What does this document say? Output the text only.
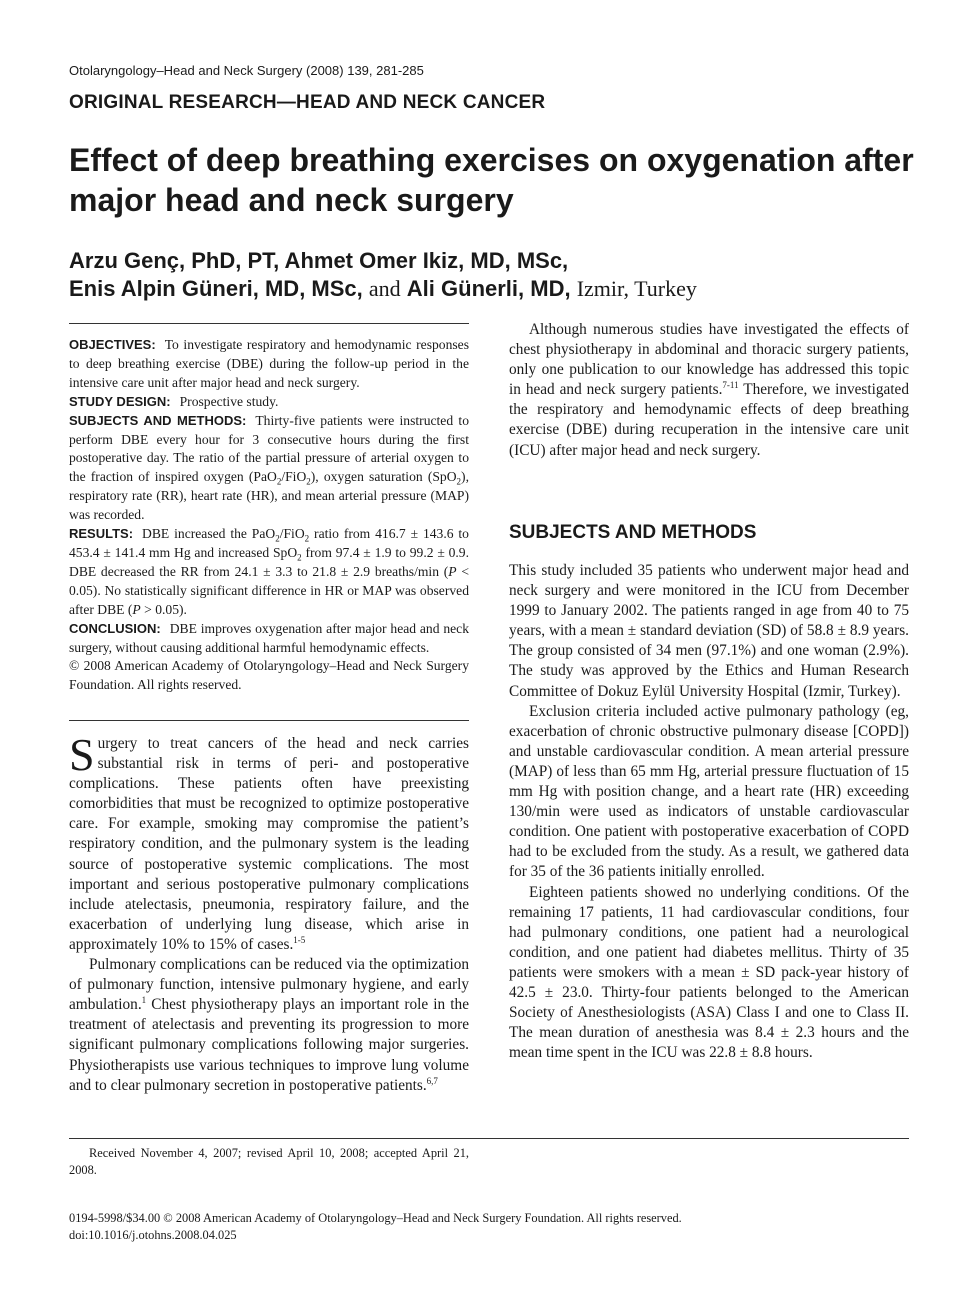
Otolaryngology–Head and Neck Surgery (2008) 139, 281-285
ORIGINAL RESEARCH—HEAD AND NECK CANCER
Effect of deep breathing exercises on oxygenation after major head and neck surgery
Arzu Genç, PhD, PT, Ahmet Omer Ikiz, MD, MSc,
Enis Alpin Güneri, MD, MSc, and Ali Günerli, MD, Izmir, Turkey

OBJECTIVES: To investigate respiratory and hemodynamic responses to deep breathing exercise (DBE) during the follow-up period in the intensive care unit after major head and neck surgery.

STUDY DESIGN: Prospective study.

SUBJECTS AND METHODS: Thirty-five patients were instructed to perform DBE every hour for 3 consecutive hours during the first postoperative day. The ratio of the partial pressure of arterial oxygen to the fraction of inspired oxygen (PaO$_2$/FiO$_2$), oxygen saturation (SpO$_2$), respiratory rate (RR), heart rate (HR), and mean arterial pressure (MAP) was recorded.

RESULTS: DBE increased the PaO$_2$/FiO$_2$ ratio from 416.7 ± 143.6 to 453.4 ± 141.4 mm Hg and increased SpO$_2$ from 97.4 ± 1.9 to 99.2 ± 0.9. DBE decreased the RR from 24.1 ± 3.3 to 21.8 ± 2.9 breaths/min (P < 0.05). No statistically significant difference in HR or MAP was observed after DBE (P > 0.05).

CONCLUSION: DBE improves oxygenation after major head and neck surgery, without causing additional harmful hemodynamic effects.

© 2008 American Academy of Otolaryngology–Head and Neck Surgery Foundation. All rights reserved.

Surgery to treat cancers of the head and neck carries substantial risk in terms of peri- and postoperative complications. These patients often have preexisting comorbidities that must be recognized to optimize postoperative care. For example, smoking may compromise the patient’s respiratory condition, and the pulmonary system is the leading source of postoperative systemic complications. The most important and serious postoperative pulmonary complications include atelectasis, pneumonia, respiratory failure, and the exacerbation of underlying lung disease, which arise in approximately 10% to 15% of cases.$^{1-5}$

Pulmonary complications can be reduced via the optimization of pulmonary function, intensive pulmonary hygiene, and early ambulation.$^1$ Chest physiotherapy plays an important role in the treatment of atelectasis and preventing its progression to more significant pulmonary complications following major surgeries. Physiotherapists use various techniques to improve lung volume and to clear pulmonary secretion in postoperative patients.$^{6,7}$

Although numerous studies have investigated the effects of chest physiotherapy in abdominal and thoracic surgery patients, only one publication to our knowledge has addressed this topic in head and neck surgery patients.$^{7-11}$ Therefore, we investigated the respiratory and hemodynamic effects of deep breathing exercise (DBE) during recuperation in the intensive care unit (ICU) after major head and neck surgery.

SUBJECTS AND METHODS

This study included 35 patients who underwent major head and neck surgery and were monitored in the ICU from December 1999 to January 2002. The patients ranged in age from 40 to 75 years, with a mean ± standard deviation (SD) of 58.8 ± 8.9 years. The group consisted of 34 men (97.1%) and one woman (2.9%). The study was approved by the Ethics and Human Research Committee of Dokuz Eylül University Hospital (Izmir, Turkey).

Exclusion criteria included active pulmonary pathology (eg, exacerbation of chronic obstructive pulmonary disease [COPD]) and unstable cardiovascular condition. A mean arterial pressure (MAP) of less than 65 mm Hg, arterial pressure fluctuation of 15 mm Hg with position change, and a heart rate (HR) exceeding 130/min were used as indicators of unstable cardiovascular condition. One patient with postoperative exacerbation of COPD had to be excluded from the study. As a result, we gathered data for 35 of the 36 patients initially enrolled.

Eighteen patients showed no underlying conditions. Of the remaining 17 patients, 11 had cardiovascular conditions, four had pulmonary conditions, one patient had a neurological condition, and one patient had diabetes mellitus. Thirty of 35 patients were smokers with a mean ± SD pack-year history of 42.5 ± 23.0. Thirty-four patients belonged to the American Society of Anesthesiologists (ASA) Class I and one to Class II. The mean duration of anesthesia was 8.4 ± 2.3 hours and the mean time spent in the ICU was 22.8 ± 8.8 hours.

Received November 4, 2007; revised April 10, 2008; accepted April 21, 2008.
0194-5998/$34.00 © 2008 American Academy of Otolaryngology–Head and Neck Surgery Foundation. All rights reserved.
doi:10.1016/j.otohns.2008.04.025
